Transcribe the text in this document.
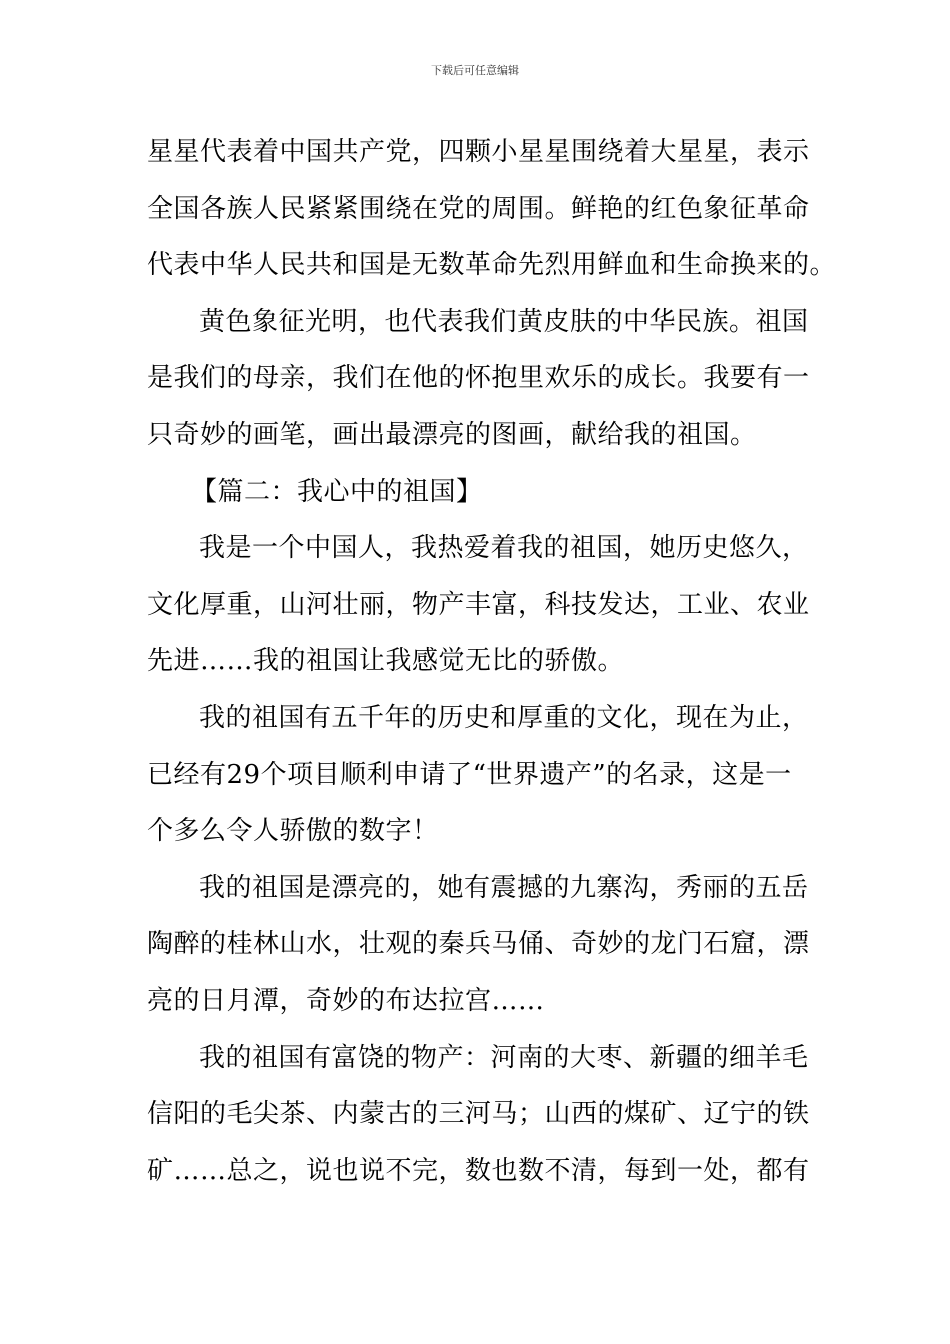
下载后可任意编辑
星星代表着中国共产党，四颗小星星围绕着大星星，表示
全国各族人民紧紧围绕在党的周围。鲜艳的红色象征革命
代表中华人民共和国是无数革命先烈用鲜血和生命换来的。
黄色象征光明，也代表我们黄皮肤的中华民族。祖国
是我们的母亲，我们在他的怀抱里欢乐的成长。我要有一
只奇妙的画笔，画出最漂亮的图画，献给我的祖国。
【篇二：我心中的祖国】
我是一个中国人，我热爱着我的祖国，她历史悠久，
文化厚重，山河壮丽，物产丰富，科技发达，工业、农业
先进……我的祖国让我感觉无比的骄傲。
我的祖国有五千年的历史和厚重的文化，现在为止，
已经有29个项目顺利申请了“世界遗产”的名录，这是一
个多么令人骄傲的数字！
我的祖国是漂亮的，她有震撼的九寨沟，秀丽的五岳
陶醉的桂林山水，壮观的秦兵马俑、奇妙的龙门石窟，漂
亮的日月潭，奇妙的布达拉宫……
我的祖国有富饶的物产：河南的大枣、新疆的细羊毛
信阳的毛尖茶、内蒙古的三河马；山西的煤矿、辽宁的铁
矿……总之，说也说不完，数也数不清，每到一处，都有
